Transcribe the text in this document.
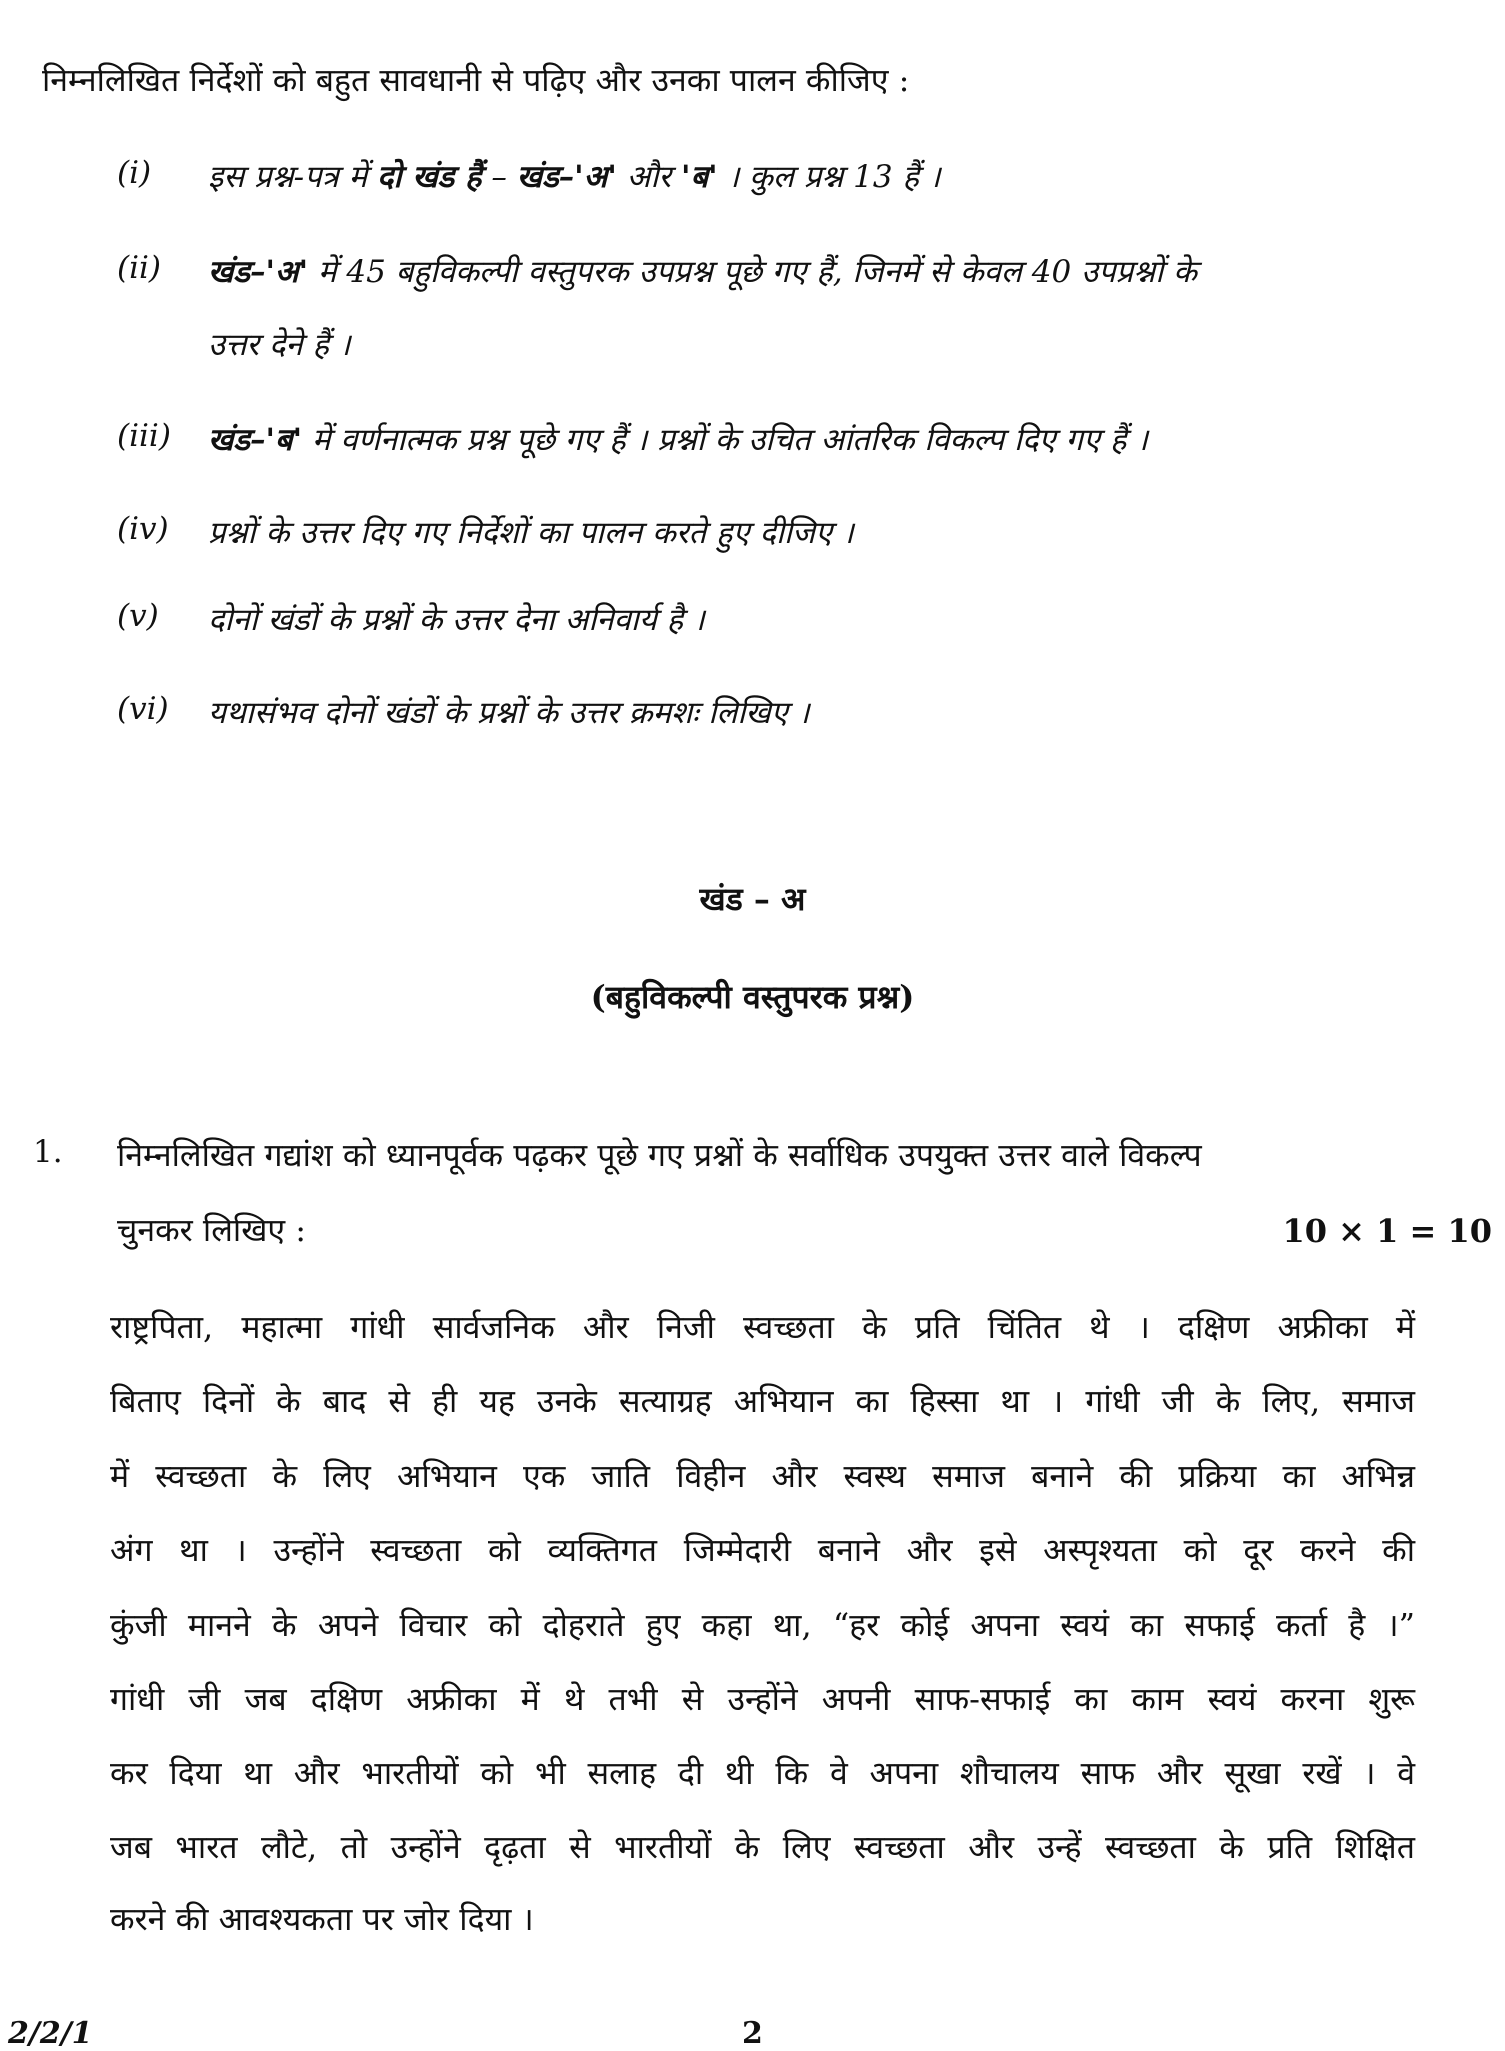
निम्नलिखित निर्देशों को बहुत सावधानी से पढ़िए और उनका पालन कीजिए :
(i) इस प्रश्न-पत्र में दो खंड हैं – खंड–'अ' और 'ब' । कुल प्रश्न 13 हैं ।
(ii) खंड–'अ' में 45 बहुविकल्पी वस्तुपरक उपप्रश्न पूछे गए हैं, जिनमें से केवल 40 उपप्रश्नों के
उत्तर देने हैं ।
(iii) खंड–'ब' में वर्णनात्मक प्रश्न पूछे गए हैं । प्रश्नों के उचित आंतरिक विकल्प दिए गए हैं ।
(iv) प्रश्नों के उत्तर दिए गए निर्देशों का पालन करते हुए दीजिए ।
(v) दोनों खंडों के प्रश्नों के उत्तर देना अनिवार्य है ।
(vi) यथासंभव दोनों खंडों के प्रश्नों के उत्तर क्रमशः लिखिए ।
खंड – अ
(बहुविकल्पी वस्तुपरक प्रश्न)
1. निम्नलिखित गद्यांश को ध्यानपूर्वक पढ़कर पूछे गए प्रश्नों के सर्वाधिक उपयुक्त उत्तर वाले विकल्प
चुनकर लिखिए :	10 × 1 = 10
राष्ट्रपिता, महात्मा गांधी सार्वजनिक और निजी स्वच्छता के प्रति चिंतित थे । दक्षिण अफ्रीका में
बिताए दिनों के बाद से ही यह उनके सत्याग्रह अभियान का हिस्सा था । गांधी जी के लिए, समाज
में स्वच्छता के लिए अभियान एक जाति विहीन और स्वस्थ समाज बनाने की प्रक्रिया का अभिन्न
अंग था । उन्होंने स्वच्छता को व्यक्तिगत जिम्मेदारी बनाने और इसे अस्पृश्यता को दूर करने की
कुंजी मानने के अपने विचार को दोहराते हुए कहा था, “हर कोई अपना स्वयं का सफाई कर्ता है ।”
गांधी जी जब दक्षिण अफ्रीका में थे तभी से उन्होंने अपनी साफ-सफाई का काम स्वयं करना शुरू
कर दिया था और भारतीयों को भी सलाह दी थी कि वे अपना शौचालय साफ और सूखा रखें । वे
जब भारत लौटे, तो उन्होंने दृढ़ता से भारतीयों के लिए स्वच्छता और उन्हें स्वच्छता के प्रति शिक्षित
करने की आवश्यकता पर जोर दिया ।
2/2/1	2
